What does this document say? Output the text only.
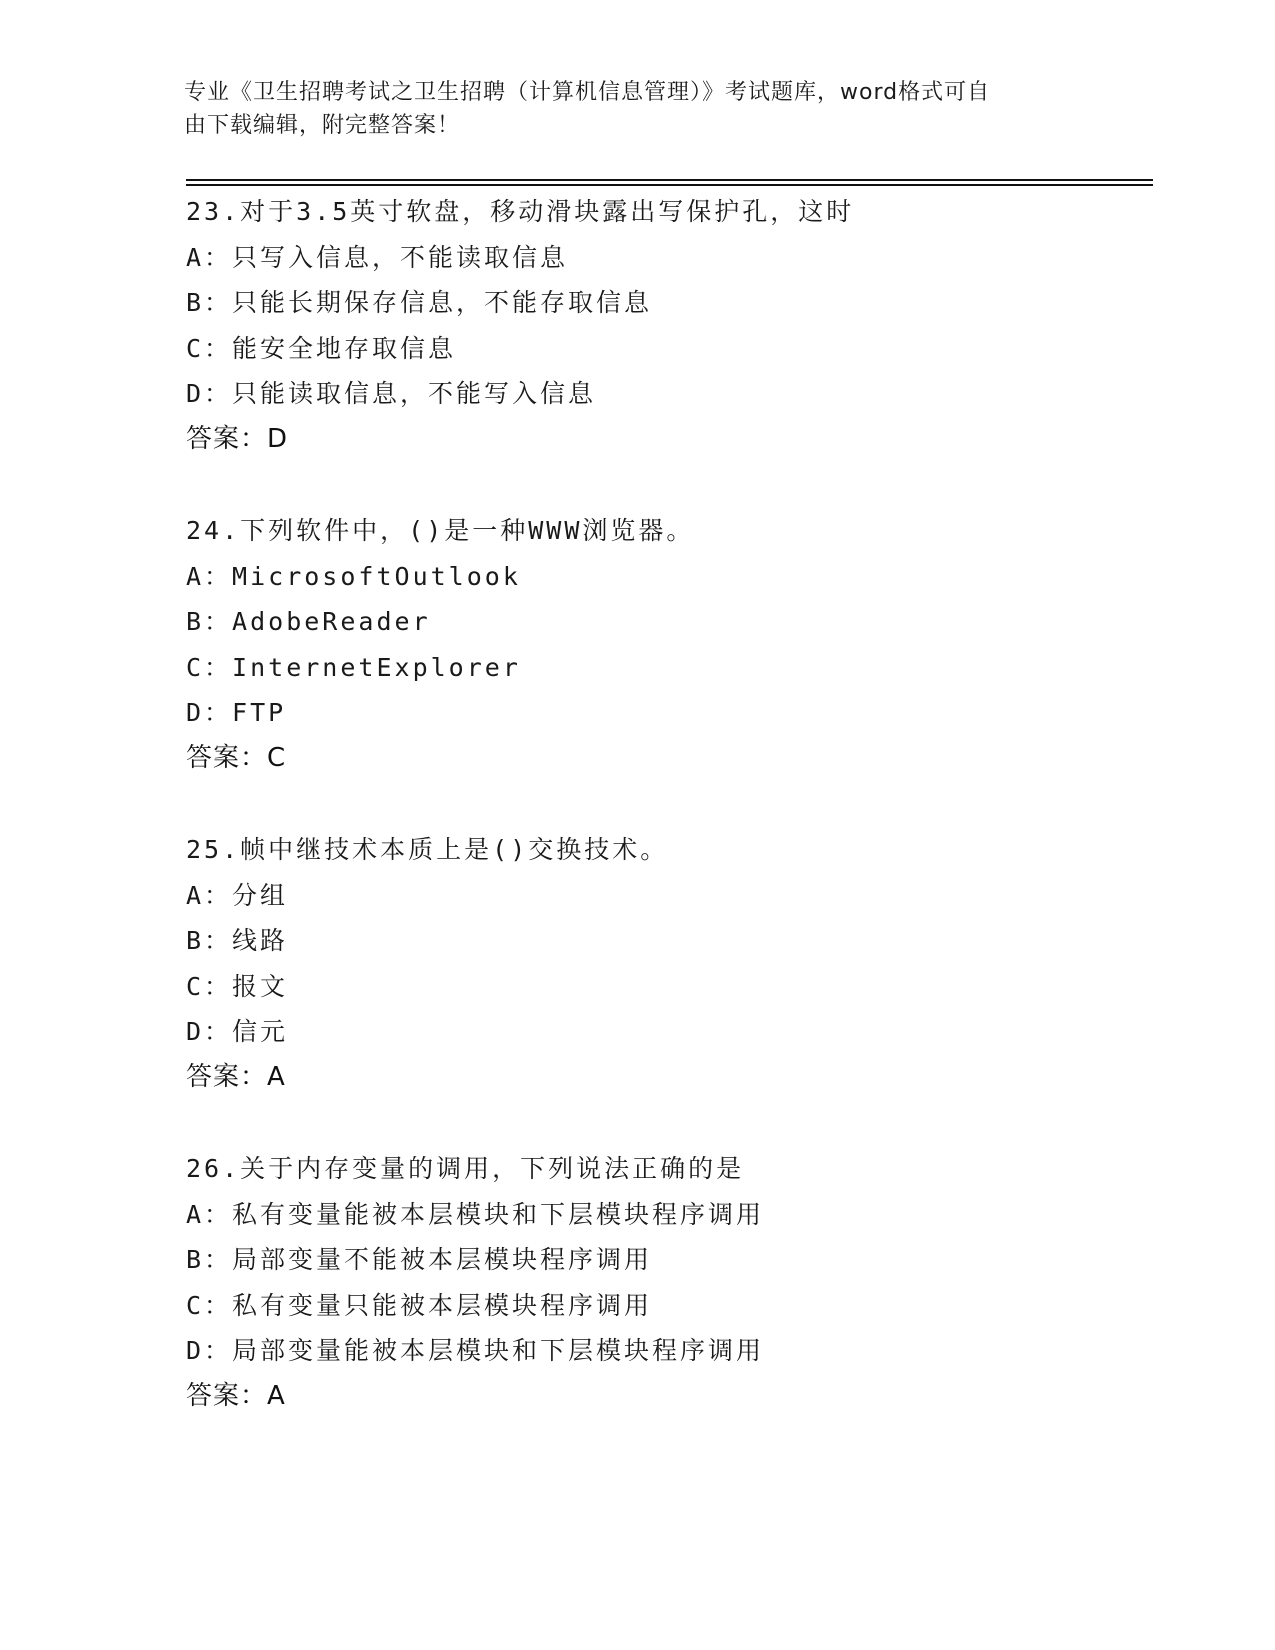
专业《卫生招聘考试之卫生招聘（计算机信息管理）》考试题库，word格式可自
由下载编辑，附完整答案！
23.对于3.5英寸软盘，移动滑块露出写保护孔，这时
A：只写入信息，不能读取信息
B：只能长期保存信息，不能存取信息
C：能安全地存取信息
D：只能读取信息，不能写入信息
答案：D
24.下列软件中，()是一种WWW浏览器。
A：MicrosoftOutlook
B：AdobeReader
C：InternetExplorer
D：FTP
答案：C
25.帧中继技术本质上是()交换技术。
A：分组
B：线路
C：报文
D：信元
答案：A
26.关于内存变量的调用，下列说法正确的是
A：私有变量能被本层模块和下层模块程序调用
B：局部变量不能被本层模块程序调用
C：私有变量只能被本层模块程序调用
D：局部变量能被本层模块和下层模块程序调用
答案：A
